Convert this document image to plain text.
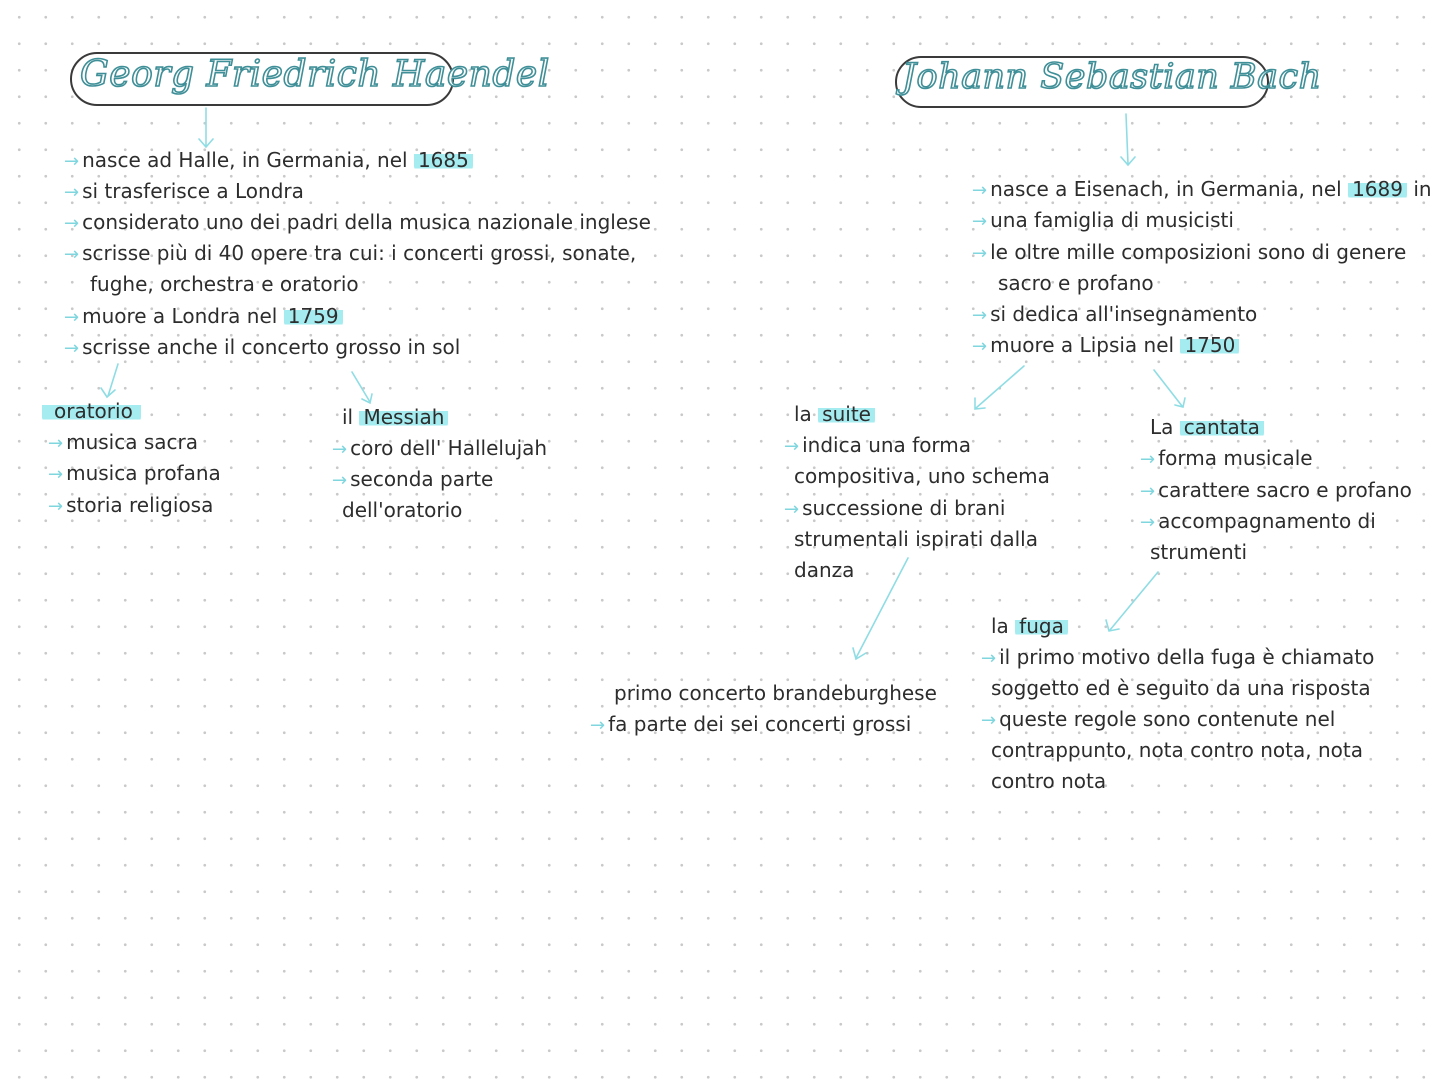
Georg Friedrich Haendel	Johann Sebastian Bach
→ nasce ad Halle, in Germania, nel 1685
→ si trasferisce a Londra
→ considerato uno dei padri della musica nazionale inglese
→ scrisse più di 40 opere tra cui: i concerti grossi, sonate,
fughe, orchestra e oratorio
→ muore a Londra nel 1759
→ scrisse anche il concerto grosso in sol
oratorio
→ musica sacra
→ musica profana
→ storia religiosa
il Messiah
→ coro dell' Hallelujah
→ seconda parte
dell'oratorio
→ nasce a Eisenach, in Germania, nel 1689 in
→ una famiglia di musicisti
→ le oltre mille composizioni sono di genere
sacro e profano
→ si dedica all'insegnamento
→ muore a Lipsia nel 1750
la suite
→ indica una forma
compositiva, uno schema
→ successione di brani
strumentali ispirati dalla
danza
La cantata
→ forma musicale
→ carattere sacro e profano
→ accompagnamento di
strumenti
primo concerto brandeburghese
→ fa parte dei sei concerti grossi
la fuga
→ il primo motivo della fuga è chiamato
soggetto ed è seguito da una risposta
→ queste regole sono contenute nel
contrappunto, nota contro nota, nota
contro nota
